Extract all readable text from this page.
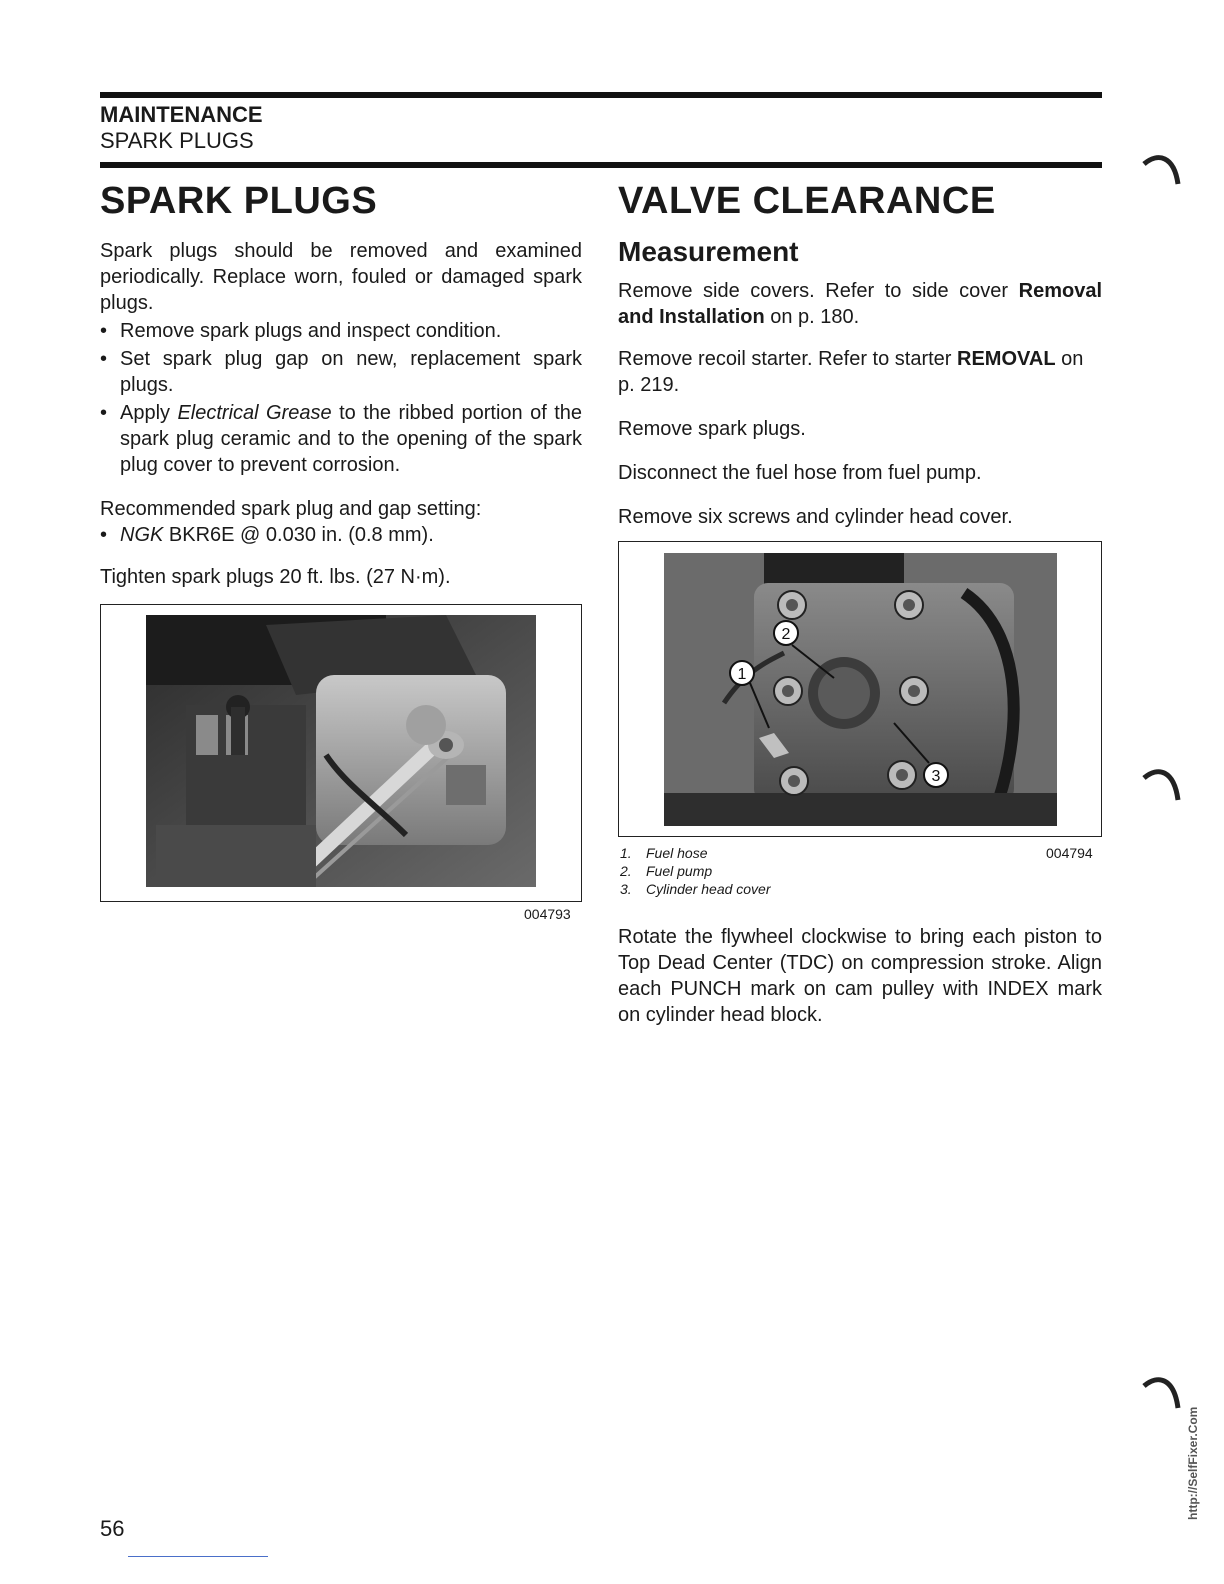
MAINTENANCE
SPARK PLUGS
SPARK PLUGS

Spark plugs should be removed and examined periodically. Replace worn, fouled or damaged spark plugs.

• Remove spark plugs and inspect condition.
• Set spark plug gap on new, replacement spark plugs.
• Apply Electrical Grease to the ribbed portion of the spark plug ceramic and to the opening of the spark plug cover to prevent corrosion.

Recommended spark plug and gap setting:

• NGK BKR6E @ 0.030 in. (0.8 mm).

Tighten spark plugs 20 ft. lbs. (27 N·m).

004793
VALVE CLEARANCE
Measurement

Remove side covers. Refer to side cover Removal and Installation on p. 180.

Remove recoil starter. Refer to starter REMOVAL on p. 219.

Remove spark plugs.

Disconnect the fuel hose from fuel pump.

Remove six screws and cylinder head cover.

1
2
3
1. Fuel hose
2. Fuel pump
3. Cylinder head cover
004794
Rotate the flywheel clockwise to bring each piston to Top Dead Center (TDC) on compression stroke. Align each PUNCH mark on cam pulley with INDEX mark on cylinder head block.
56
http://SelfFixer.Com
